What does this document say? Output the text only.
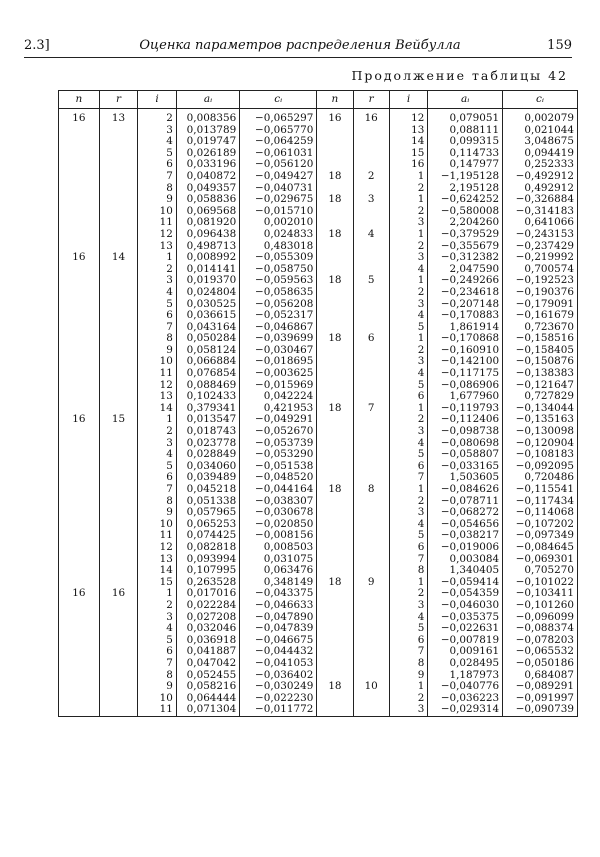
2.3]	Оценка параметров распределения Вейбулла	159
Продолжение таблицы 42
n	r	i	aᵢ	cᵢ	n	r	i	aᵢ	cᵢ
16	13	2	0,008356	−0,065297	16	16	12	0,079051	0,002079
		3	0,013789	−0,065770			13	0,088111	0,021044
		4	0,019747	−0,064259			14	0,099315	3,048675
		5	0,026189	−0,061031			15	0,114733	0,094419
		6	0,033196	−0,056120			16	0,147977	0,252333
		7	0,040872	−0,049427	18	2	1	−1,195128	−0,492912
		8	0,049357	−0,040731			2	2,195128	0,492912
		9	0,058836	−0,029675	18	3	1	−0,624252	−0,326884
		10	0,069568	−0,015710			2	−0,580008	−0,314183
		11	0,081920	0,002010			3	2,204260	0,641066
		12	0,096438	0,024833	18	4	1	−0,379529	−0,243153
		13	0,498713	0,483018			2	−0,355679	−0,237429
16	14	1	0,008992	−0,055309			3	−0,312382	−0,219992
		2	0,014141	−0,058750			4	2,047590	0,700574
		3	0,019370	−0,059563	18	5	1	−0,249266	−0,192523
		4	0,024804	−0,058635			2	−0,234618	−0,190376
		5	0,030525	−0,056208			3	−0,207148	−0,179091
		6	0,036615	−0,052317			4	−0,170883	−0,161679
		7	0,043164	−0,046867			5	1,861914	0,723670
		8	0,050284	−0,039699	18	6	1	−0,170868	−0,158516
		9	0,058124	−0,030467			2	−0,160910	−0,158405
		10	0,066884	−0,018695			3	−0,142100	−0,150876
		11	0,076854	−0,003625			4	−0,117175	−0,138383
		12	0,088469	−0,015969			5	−0,086906	−0,121647
		13	0,102433	0,042224			6	1,677960	0,727829
		14	0,379341	0,421953	18	7	1	−0,119793	−0,134044
16	15	1	0,013547	−0,049291			2	−0,112406	−0,135163
		2	0,018743	−0,052670			3	−0,098738	−0,130098
		3	0,023778	−0,053739			4	−0,080698	−0,120904
		4	0,028849	−0,053290			5	−0,058807	−0,108183
		5	0,034060	−0,051538			6	−0,033165	−0,092095
		6	0,039489	−0,048520			7	1,503605	0,720486
		7	0,045218	−0,044164	18	8	1	−0,084626	−0,115541
		8	0,051338	−0,038307			2	−0,078711	−0,117434
		9	0,057965	−0,030678			3	−0,068272	−0,114068
		10	0,065253	−0,020850			4	−0,054656	−0,107202
		11	0,074425	−0,008156			5	−0,038217	−0,097349
		12	0,082818	0,008503			6	−0,019006	−0,084645
		13	0,093994	0,031075			7	0,003084	−0,069301
		14	0,107995	0,063476			8	1,340405	0,705270
		15	0,263528	0,348149	18	9	1	−0,059414	−0,101022
16	16	1	0,017016	−0,043375			2	−0,054359	−0,103411
		2	0,022284	−0,046633			3	−0,046030	−0,101260
		3	0,027208	−0,047890			4	−0,035375	−0,096099
		4	0,032046	−0,047839			5	−0,022631	−0,088374
		5	0,036918	−0,046675			6	−0,007819	−0,078203
		6	0,041887	−0,044432			7	0,009161	−0,065532
		7	0,047042	−0,041053			8	0,028495	−0,050186
		8	0,052455	−0,036402			9	1,187973	0,684087
		9	0,058216	−0,030249	18	10	1	−0,040776	−0,089291
		10	0,064444	−0,022230			2	−0,036223	−0,091997
		11	0,071304	−0,011772			3	−0,029314	−0,090739
